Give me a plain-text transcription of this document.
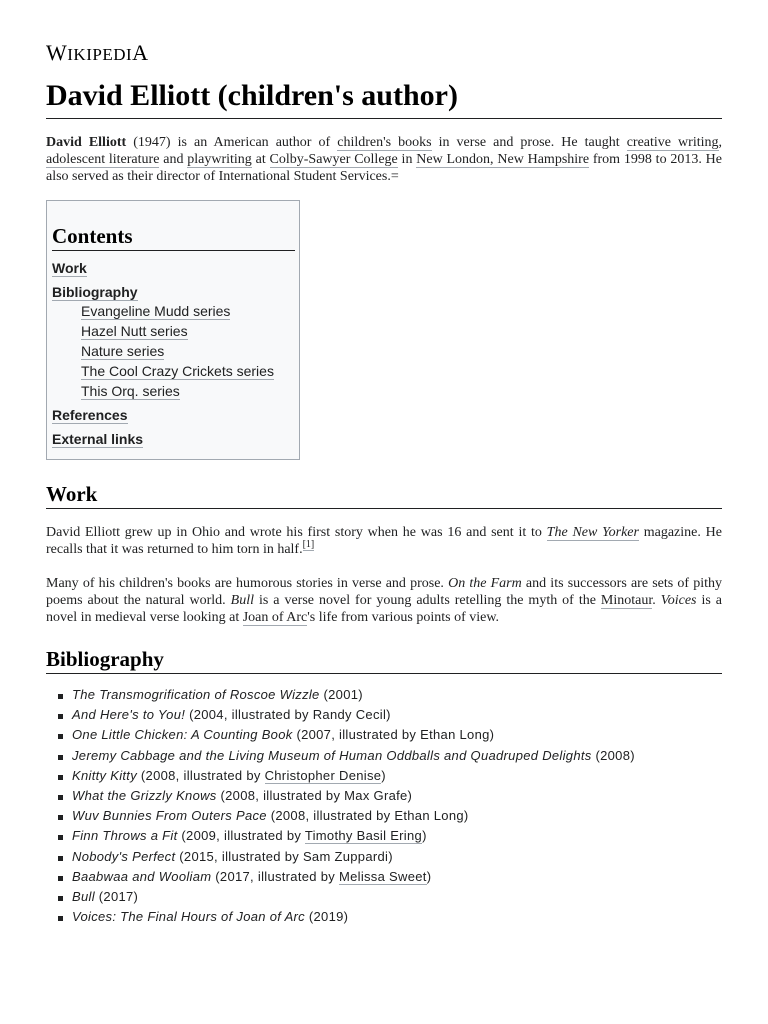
WIKIPEDIA
David Elliott (children's author)

David Elliott (1947) is an American author of children's books in verse and prose. He taught creative writing, adolescent literature and playwriting at Colby-Sawyer College in New London, New Hampshire from 1998 to 2013. He also served as their director of International Student Services.=

Contents
Work
Bibliography
Evangeline Mudd series
Hazel Nutt series
Nature series
The Cool Crazy Crickets series
This Orq. series
References
External links
Work

David Elliott grew up in Ohio and wrote his first story when he was 16 and sent it to The New Yorker magazine. He recalls that it was returned to him torn in half.[1]

Many of his children's books are humorous stories in verse and prose. On the Farm and its successors are sets of pithy poems about the natural world. Bull is a verse novel for young adults retelling the myth of the Minotaur. Voices is a novel in medieval verse looking at Joan of Arc's life from various points of view.

Bibliography
The Transmogrification of Roscoe Wizzle (2001)
And Here's to You! (2004, illustrated by Randy Cecil)
One Little Chicken: A Counting Book (2007, illustrated by Ethan Long)
Jeremy Cabbage and the Living Museum of Human Oddballs and Quadruped Delights (2008)
Knitty Kitty (2008, illustrated by Christopher Denise)
What the Grizzly Knows (2008, illustrated by Max Grafe)
Wuv Bunnies From Outers Pace (2008, illustrated by Ethan Long)
Finn Throws a Fit (2009, illustrated by Timothy Basil Ering)
Nobody's Perfect (2015, illustrated by Sam Zuppardi)
Baabwaa and Wooliam (2017, illustrated by Melissa Sweet)
Bull (2017)
Voices: The Final Hours of Joan of Arc (2019)
